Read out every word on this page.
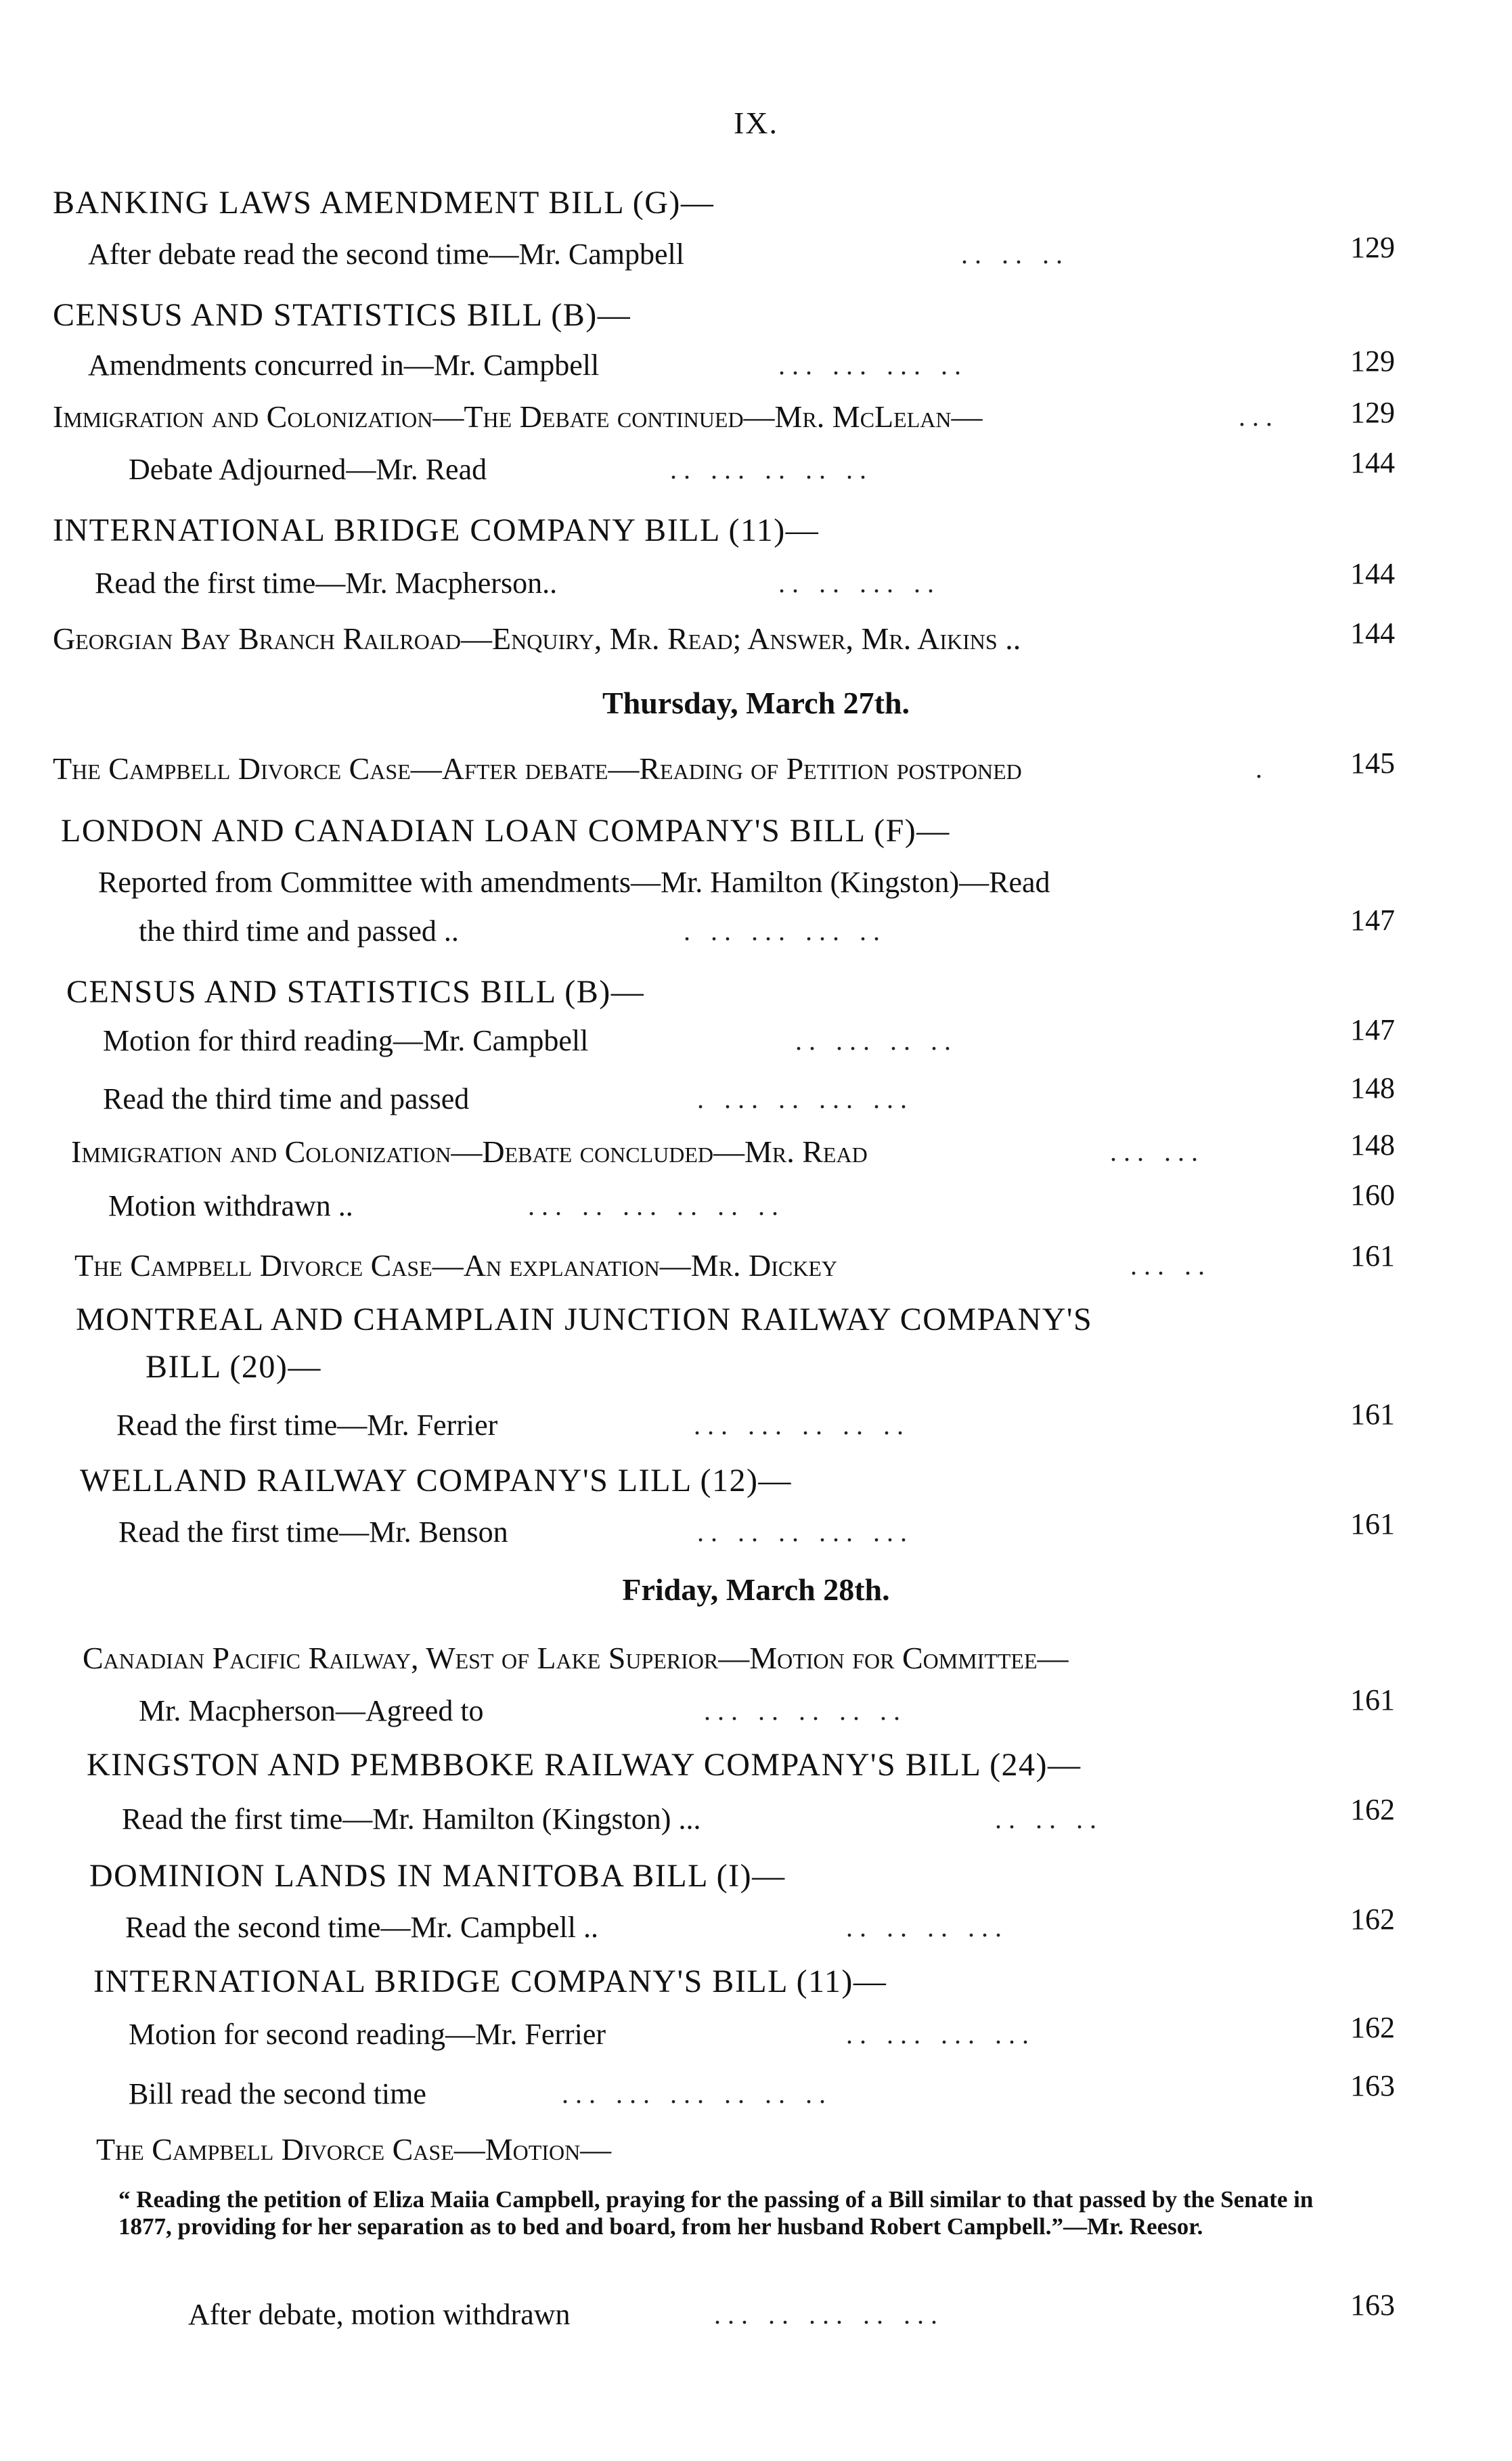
IX.
BANKING LAWS AMENDMENT BILL (G)—
After debate read the second time—Mr. Campbell	.. .. ..	129
CENSUS AND STATISTICS BILL (B)—
Amendments concurred in—Mr. Campbell	... ... ... ..	129
Immigration and Colonization—The Debate continued—Mr. McLelan—	... 129
Debate Adjourned—Mr. Read	.. ... .. .. ..	144
INTERNATIONAL BRIDGE COMPANY BILL (11)—
Read the first time—Mr. Macpherson..	.. .. ... ..	144
Georgian Bay Branch Railroad—Enquiry, Mr. Read; Answer, Mr. Aikins ..	144
Thursday, March 27th.
The Campbell Divorce Case—After debate—Reading of Petition postponed	.	145
LONDON AND CANADIAN LOAN COMPANY'S BILL (F)—
Reported from Committee with amendments—Mr. Hamilton (Kingston)—Read
the third time and passed ..	. .. ... ... ..	147
CENSUS AND STATISTICS BILL (B)—
Motion for third reading—Mr. Campbell	.. ... .. ..	147
Read the third time and passed	. ... .. ... ...	148
Immigration and Colonization—Debate concluded—Mr. Read	... ...	148
Motion withdrawn ..	... .. ... .. .. ..	160
The Campbell Divorce Case—An explanation—Mr. Dickey	... ..	161
MONTREAL AND CHAMPLAIN JUNCTION RAILWAY COMPANY'S
BILL (20)—
Read the first time—Mr. Ferrier	... ... .. .. ..	161
WELLAND RAILWAY COMPANY'S LILL (12)—
Read the first time—Mr. Benson	.. .. .. ... ...	161
Friday, March 28th.
Canadian Pacific Railway, West of Lake Superior—Motion for Committee—
Mr. Macpherson—Agreed to	... .. .. .. ..	161
KINGSTON AND PEMBBOKE RAILWAY COMPANY'S BILL (24)—
Read the first time—Mr. Hamilton (Kingston) ...	.. .. ..	162
DOMINION LANDS IN MANITOBA BILL (I)—
Read the second time—Mr. Campbell ..	.. .. .. ...	162
INTERNATIONAL BRIDGE COMPANY'S BILL (11)—
Motion for second reading—Mr. Ferrier	.. ... ... ...	162
Bill read the second time	... ... ... .. .. ..	163
The Campbell Divorce Case—Motion—
“ Reading the petition of Eliza Maiia Campbell, praying for the passing of a Bill similar to that passed by the Senate in 1877, providing for her separation as to bed and board, from her husband Robert Campbell.”—Mr. Reesor.
After debate, motion withdrawn	... .. ... .. ...	163
